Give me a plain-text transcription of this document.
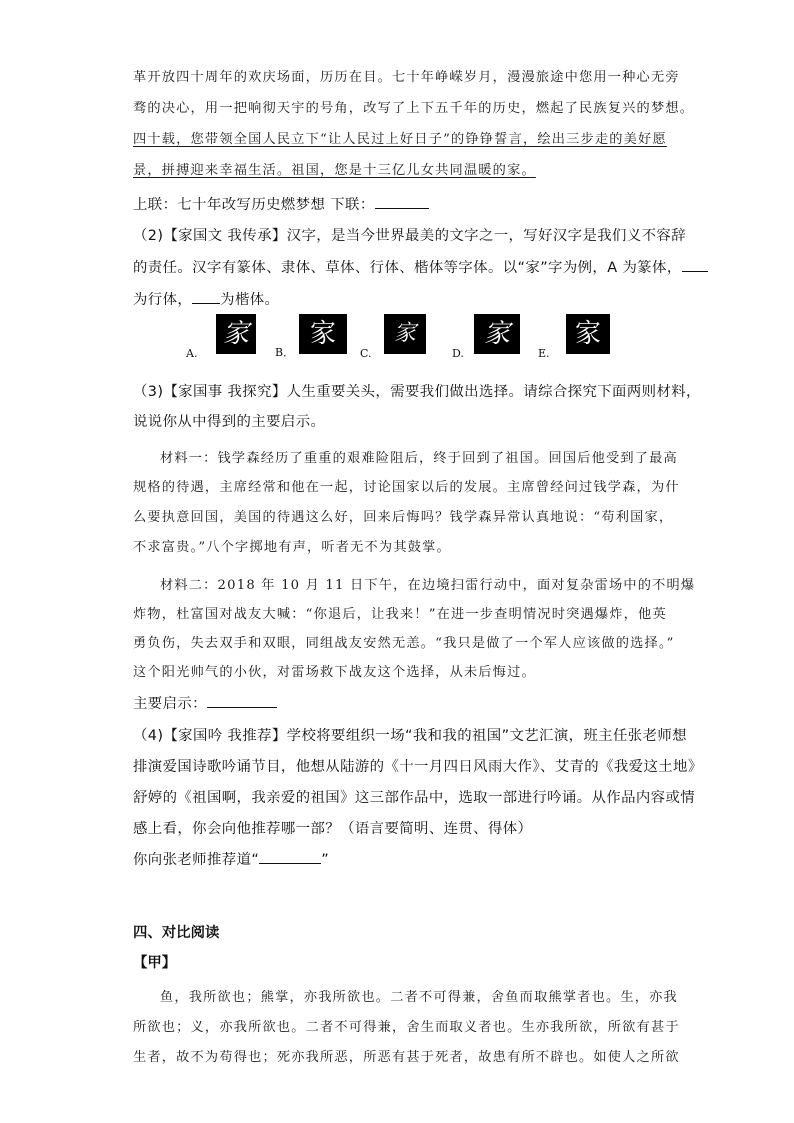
革开放四十周年的欢庆场面，历历在目。七十年峥嵘岁月，漫漫旅途中您用一种心无旁
骛的决心，用一把响彻天宇的号角，改写了上下五千年的历史，燃起了民族复兴的梦想。
四十载，您带领全国人民立下“让人民过上好日子”的铮铮誓言，绘出三步走的美好愿
景，拼搏迎来幸福生活。祖国，您是十三亿儿女共同温暖的家。
上联：七十年改写历史燃梦想 下联：
（2)【家国文 我传承】汉字，是当今世界最美的文字之一，写好汉字是我们义不容辞
的责任。汉字有篆体、隶体、草体、行体、楷体等字体。以“家”字为例，A 为篆体，
为行体， 为楷体。
A.
家
B．
家
C.
家
D.
家
E.
家
（3)【家国事 我探究】人生重要关头，需要我们做出选择。请综合探究下面两则材料，
说说你从中得到的主要启示。
材料一：钱学森经历了重重的艰难险阻后，终于回到了祖国。回国后他受到了最高
规格的待遇，主席经常和他在一起，讨论国家以后的发展。主席曾经问过钱学森，为什
么要执意回国，美国的待遇这么好，回来后悔吗？钱学森异常认真地说：“苟利国家，
不求富贵。”八个字掷地有声，听者无不为其鼓掌。
材料二：2018 年 10 月 11 日下午，在边境扫雷行动中，面对复杂雷场中的不明爆
炸物，杜富国对战友大喊：“你退后，让我来！”在进一步查明情况时突遇爆炸，他英
勇负伤，失去双手和双眼，同组战友安然无恙。“我只是做了一个军人应该做的选择。”
这个阳光帅气的小伙，对雷场救下战友这个选择，从未后悔过。
主要启示：
（4)【家国吟 我推荐】学校将要组织一场“我和我的祖国”文艺汇演，班主任张老师想
排演爱国诗歌吟诵节目，他想从陆游的《十一月四日风雨大作》、艾青的《我爱这土地》
舒婷的《祖国啊，我亲爱的祖国》这三部作品中，选取一部进行吟诵。从作品内容或情
感上看，你会向他推荐哪一部？（语言要简明、连贯、得体）
你向张老师推荐道“	”
四、对比阅读
【甲】
鱼，我所欲也；熊掌，亦我所欲也。二者不可得兼，舍鱼而取熊掌者也。生，亦我
所欲也；义，亦我所欲也。二者不可得兼，舍生而取义者也。生亦我所欲，所欲有甚于
生者，故不为苟得也；死亦我所恶，所恶有甚于死者，故患有所不辟也。如使人之所欲
